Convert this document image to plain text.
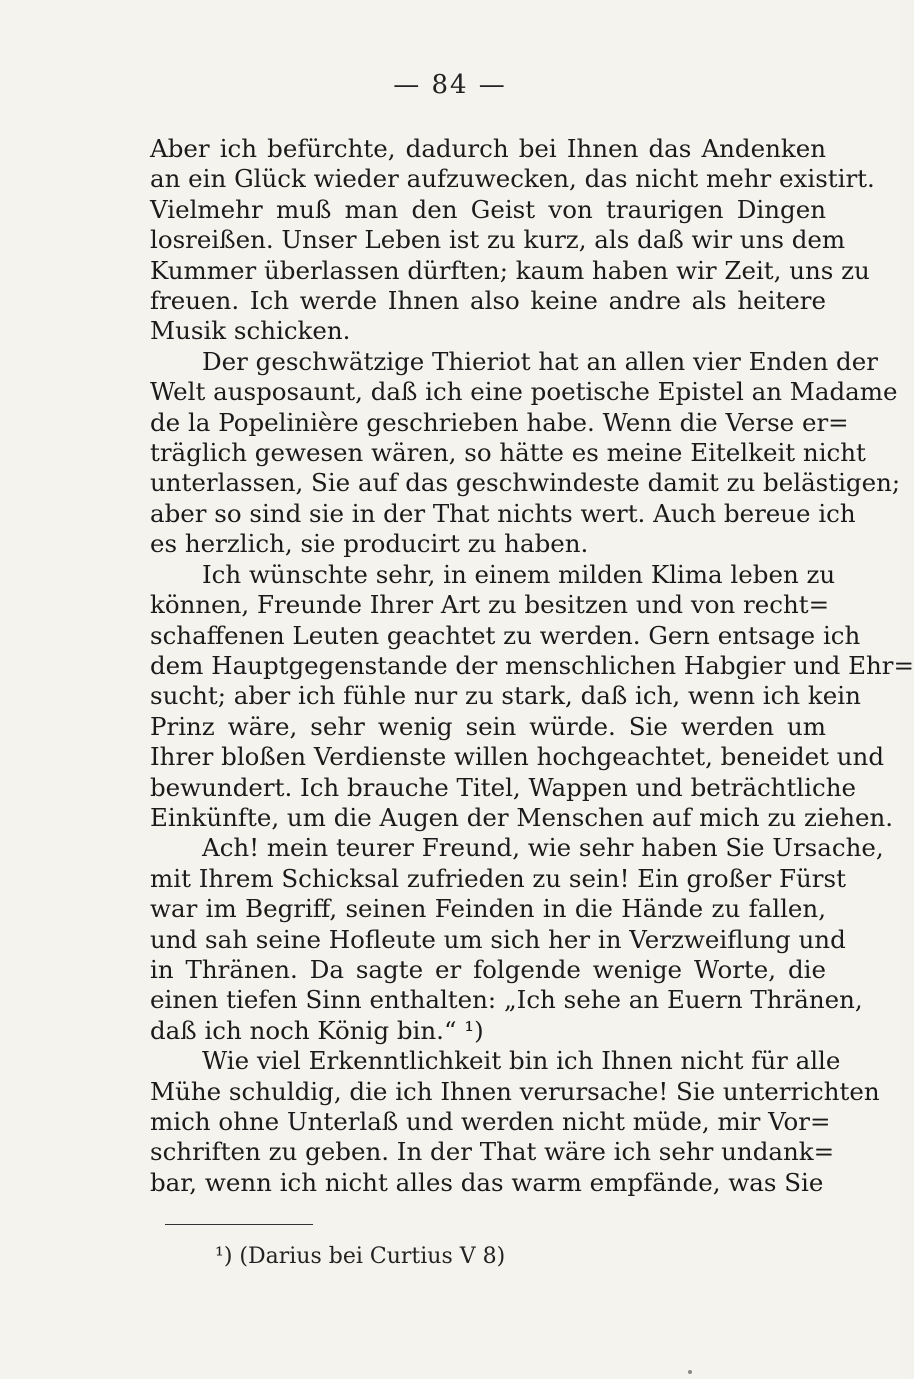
— 84 —

Aber ich befürchte, dadurch bei Ihnen das Andenken
an ein Glück wieder aufzuwecken, das nicht mehr existirt.
Vielmehr muß man den Geist von traurigen Dingen
losreißen. Unser Leben ist zu kurz, als daß wir uns dem
Kummer überlassen dürften; kaum haben wir Zeit, uns zu
freuen. Ich werde Ihnen also keine andre als heitere
Musik schicken.

Der geschwätzige Thieriot hat an allen vier Enden der
Welt ausposaunt, daß ich eine poetische Epistel an Madame
de la Popelinière geschrieben habe. Wenn die Verse er=
träglich gewesen wären, so hätte es meine Eitelkeit nicht
unterlassen, Sie auf das geschwindeste damit zu belästigen;
aber so sind sie in der That nichts wert. Auch bereue ich
es herzlich, sie producirt zu haben.

Ich wünschte sehr, in einem milden Klima leben zu
können, Freunde Ihrer Art zu besitzen und von recht=
schaffenen Leuten geachtet zu werden. Gern entsage ich
dem Hauptgegenstande der menschlichen Habgier und Ehr=
sucht; aber ich fühle nur zu stark, daß ich, wenn ich kein
Prinz wäre, sehr wenig sein würde. Sie werden um
Ihrer bloßen Verdienste willen hochgeachtet, beneidet und
bewundert. Ich brauche Titel, Wappen und beträchtliche
Einkünfte, um die Augen der Menschen auf mich zu ziehen.

Ach! mein teurer Freund, wie sehr haben Sie Ursache,
mit Ihrem Schicksal zufrieden zu sein! Ein großer Fürst
war im Begriff, seinen Feinden in die Hände zu fallen,
und sah seine Hofleute um sich her in Verzweiflung und
in Thränen. Da sagte er folgende wenige Worte, die
einen tiefen Sinn enthalten: „Ich sehe an Euern Thränen,
daß ich noch König bin.“ ¹)

Wie viel Erkenntlichkeit bin ich Ihnen nicht für alle
Mühe schuldig, die ich Ihnen verursache! Sie unterrichten
mich ohne Unterlaß und werden nicht müde, mir Vor=
schriften zu geben. In der That wäre ich sehr undank=
bar, wenn ich nicht alles das warm empfände, was Sie

¹) (Darius bei Curtius V 8)
